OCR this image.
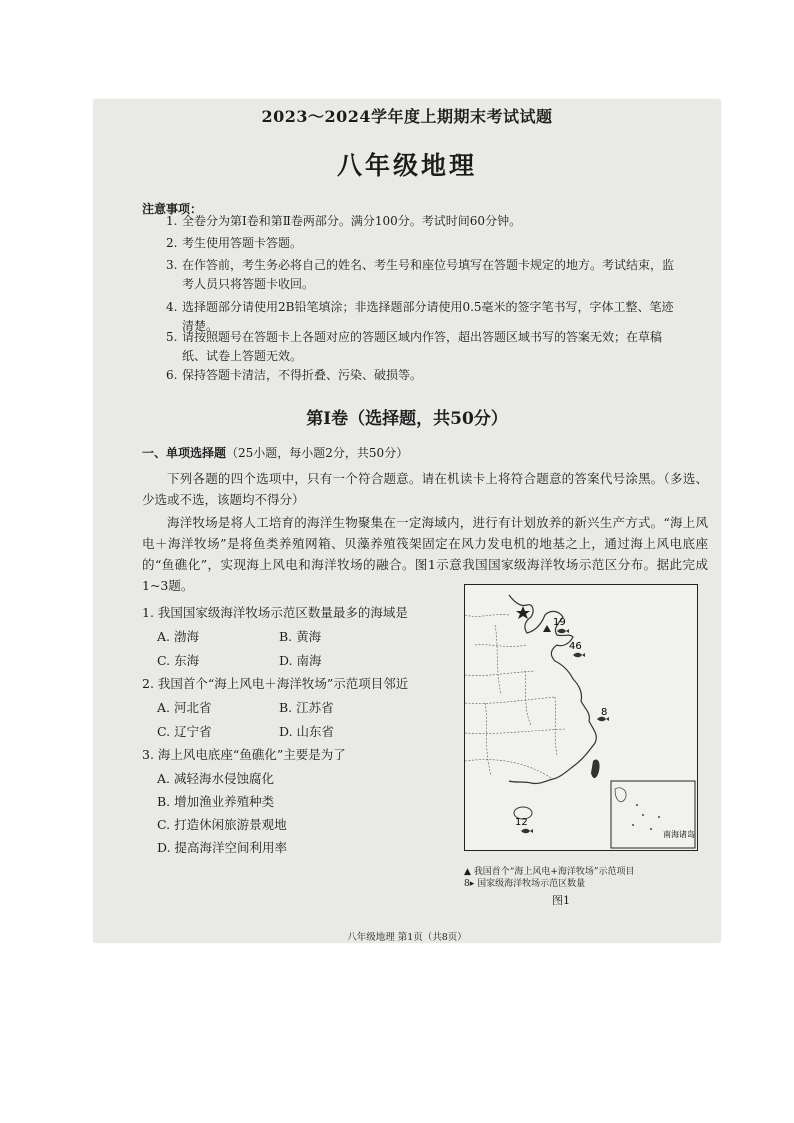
2023～2024学年度上期期末考试试题
八年级地理
注意事项：
1. 全卷分为第Ⅰ卷和第Ⅱ卷两部分。满分100分。考试时间60分钟。
2. 考生使用答题卡答题。
3. 在作答前，考生务必将自己的姓名、考生号和座位号填写在答题卡规定的地方。考试结束，监考人员只将答题卡收回。
4. 选择题部分请使用2B铅笔填涂；非选择题部分请使用0.5毫米的签字笔书写，字体工整、笔迹清楚。
5. 请按照题号在答题卡上各题对应的答题区域内作答，超出答题区域书写的答案无效；在草稿纸、试卷上答题无效。
6. 保持答题卡清洁，不得折叠、污染、破损等。
第Ⅰ卷（选择题，共50分）
一、单项选择题（25小题，每小题2分，共50分）
下列各题的四个选项中，只有一个符合题意。请在机读卡上将符合题意的答案代号涂黑。（多选、少选或不选，该题均不得分）
海洋牧场是将人工培育的海洋生物聚集在一定海域内，进行有计划放养的新兴生产方式。“海上风电＋海洋牧场”是将鱼类养殖网箱、贝藻养殖筏架固定在风力发电机的地基之上，通过海上风电底座的“鱼礁化”，实现海上风电和海洋牧场的融合。图1示意我国国家级海洋牧场示范区分布。据此完成1~3题。
1. 我国国家级海洋牧场示范区数量最多的海域是
A. 渤海	B. 黄海
C. 东海	D. 南海
2. 我国首个“海上风电＋海洋牧场”示范项目邻近
A. 河北省	B. 江苏省
C. 辽宁省	D. 山东省
3. 海上风电底座“鱼礁化”主要是为了
A. 减轻海水侵蚀腐化
B. 增加渔业养殖种类
C. 打造休闲旅游景观地
D. 提高海洋空间利用率
19
46
8
12
南海诸岛
▲ 我国首个“海上风电+海洋牧场”示范项目
8▸ 国家级海洋牧场示范区数量
图1
八年级地理 第1页（共8页）
